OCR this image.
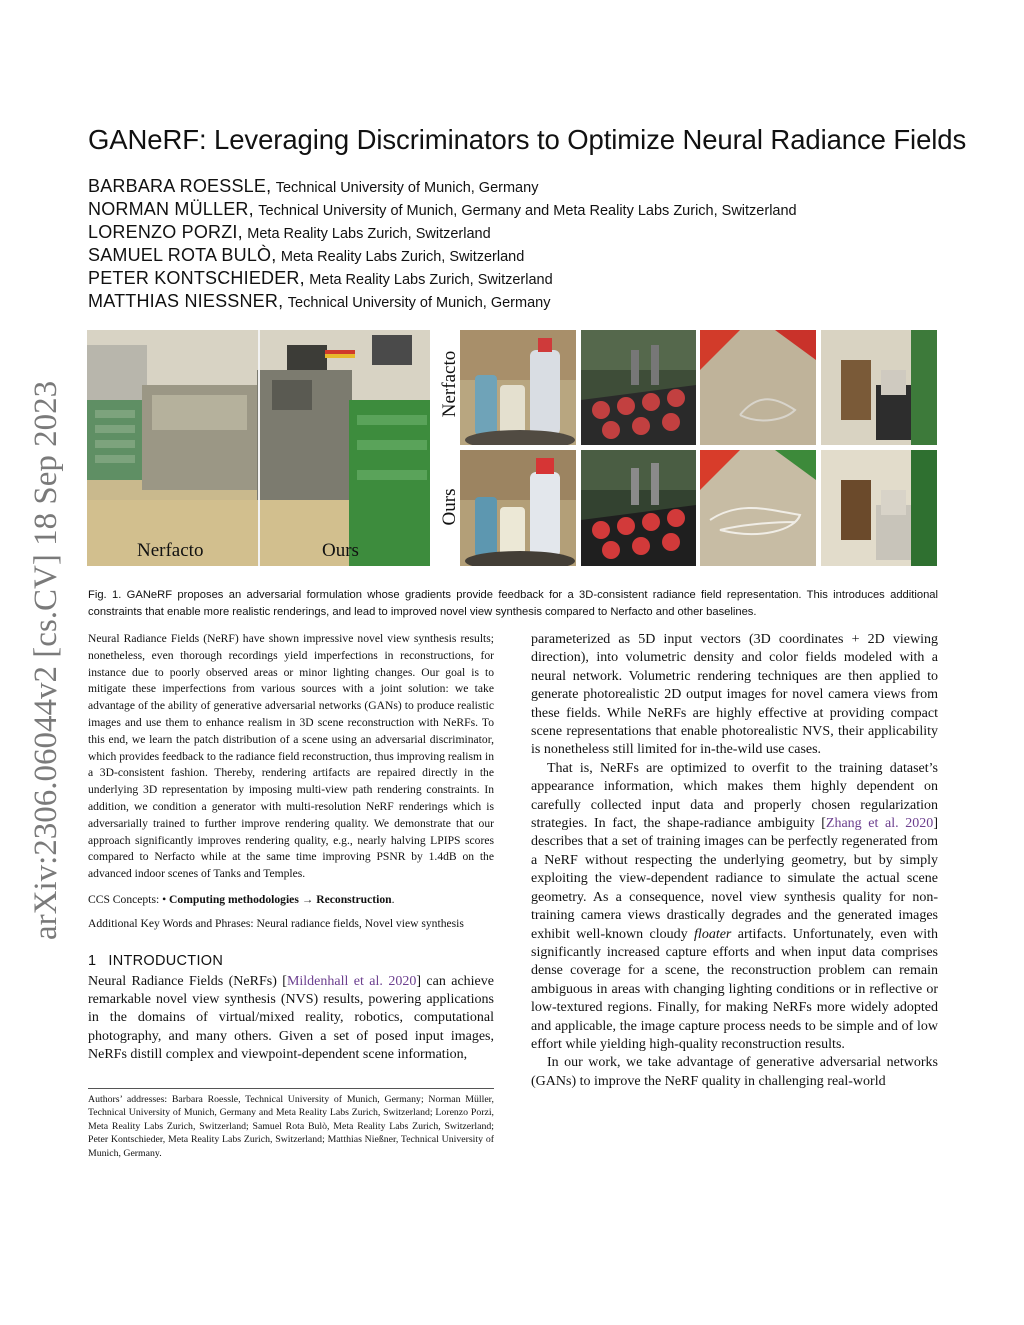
arXiv:2306.06044v2 [cs.CV] 18 Sep 2023
GANeRF: Leveraging Discriminators to Optimize Neural Radiance Fields
BARBARA ROESSLE, Technical University of Munich, Germany
NORMAN MÜLLER, Technical University of Munich, Germany and Meta Reality Labs Zurich, Switzerland
LORENZO PORZI, Meta Reality Labs Zurich, Switzerland
SAMUEL ROTA BULÒ, Meta Reality Labs Zurich, Switzerland
PETER KONTSCHIEDER, Meta Reality Labs Zurich, Switzerland
MATTHIAS NIESSNER, Technical University of Munich, Germany
Nerfacto	Ours
Nerfacto
Ours

Fig. 1. GANeRF proposes an adversarial formulation whose gradients provide feedback for a 3D-consistent radiance field representation. This introduces additional constraints that enable more realistic renderings, and lead to improved novel view synthesis compared to Nerfacto and other baselines.

Neural Radiance Fields (NeRF) have shown impressive novel view synthesis results; nonetheless, even thorough recordings yield imperfections in reconstructions, for instance due to poorly observed areas or minor lighting changes. Our goal is to mitigate these imperfections from various sources with a joint solution: we take advantage of the ability of generative adversarial networks (GANs) to produce realistic images and use them to enhance realism in 3D scene reconstruction with NeRFs. To this end, we learn the patch distribution of a scene using an adversarial discriminator, which provides feedback to the radiance field reconstruction, thus improving realism in a 3D-consistent fashion. Thereby, rendering artifacts are repaired directly in the underlying 3D representation by imposing multi-view path rendering constraints. In addition, we condition a generator with multi-resolution NeRF renderings which is adversarially trained to further improve rendering quality. We demonstrate that our approach significantly improves rendering quality, e.g., nearly halving LPIPS scores compared to Nerfacto while at the same time improving PSNR by 1.4dB on the advanced indoor scenes of Tanks and Temples.

CCS Concepts: • Computing methodologies → Reconstruction.

Additional Key Words and Phrases: Neural radiance fields, Novel view synthesis

1 INTRODUCTION

Neural Radiance Fields (NeRFs) [Mildenhall et al. 2020] can achieve remarkable novel view synthesis (NVS) results, powering applications in the domains of virtual/mixed reality, robotics, computational photography, and many others. Given a set of posed input images, NeRFs distill complex and viewpoint-dependent scene information,

Authors’ addresses: Barbara Roessle, Technical University of Munich, Germany; Norman Müller, Technical University of Munich, Germany and Meta Reality Labs Zurich, Switzerland; Lorenzo Porzi, Meta Reality Labs Zurich, Switzerland; Samuel Rota Bulò, Meta Reality Labs Zurich, Switzerland; Peter Kontschieder, Meta Reality Labs Zurich, Switzerland; Matthias Nießner, Technical University of Munich, Germany.

parameterized as 5D input vectors (3D coordinates + 2D viewing direction), into volumetric density and color fields modeled with a neural network. Volumetric rendering techniques are then applied to generate photorealistic 2D output images for novel camera views from these fields. While NeRFs are highly effective at providing compact scene representations that enable photorealistic NVS, their applicability is nonetheless still limited for in-the-wild use cases.

That is, NeRFs are optimized to overfit to the training dataset’s appearance information, which makes them highly dependent on carefully collected input data and properly chosen regularization strategies. In fact, the shape-radiance ambiguity [Zhang et al. 2020] describes that a set of training images can be perfectly regenerated from a NeRF without respecting the underlying geometry, but by simply exploiting the view-dependent radiance to simulate the actual scene geometry. As a consequence, novel view synthesis quality for non-training camera views drastically degrades and the generated images exhibit well-known cloudy floater artifacts. Unfortunately, even with significantly increased capture efforts and when input data comprises dense coverage for a scene, the reconstruction problem can remain ambiguous in areas with changing lighting conditions or in reflective or low-textured regions. Finally, for making NeRFs more widely adopted and applicable, the image capture process needs to be simple and of low effort while yielding high-quality reconstruction results.

In our work, we take advantage of generative adversarial networks (GANs) to improve the NeRF quality in challenging real-world
